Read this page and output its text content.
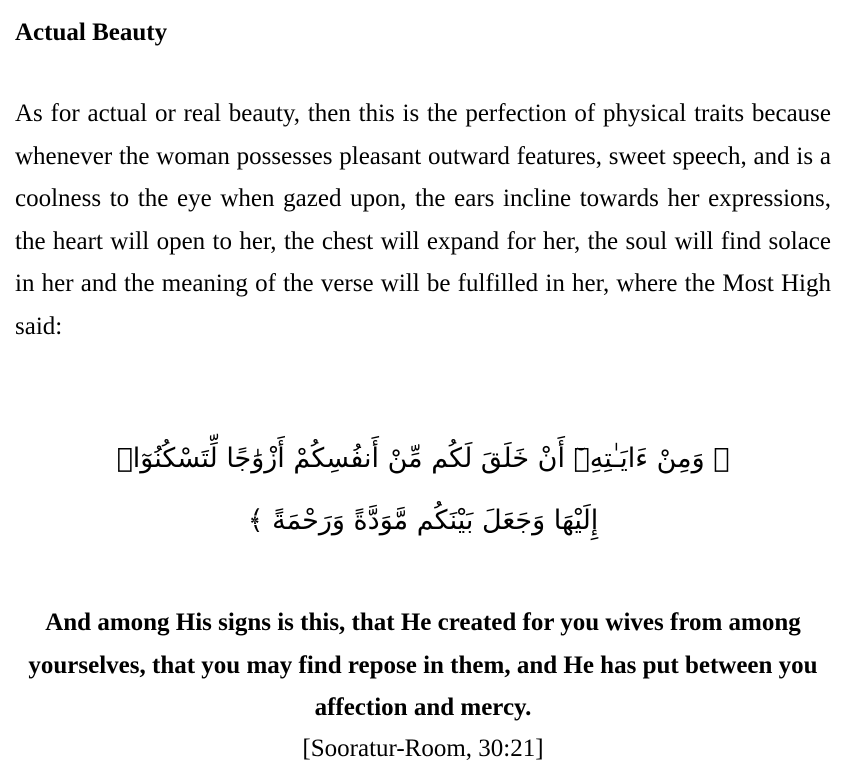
Actual Beauty

As for actual or real beauty, then this is the perfection of physical traits because whenever the woman possesses pleasant outward features, sweet speech, and is a coolness to the eye when gazed upon, the ears incline towards her expressions, the heart will open to her, the chest will expand for her, the soul will find solace in her and the meaning of the verse will be fulfilled in her, where the Most High said:

﴿ وَمِنْ ءَايَـٰتِهِۦٓ أَنْ خَلَقَ لَكُم مِّنْ أَنفُسِكُمْ أَزْوَٰجًا لِّتَسْكُنُوٓا۟
إِلَيْهَا وَجَعَلَ بَيْنَكُم مَّوَدَّةً وَرَحْمَةً ﴾

And among His signs is this, that He created for you wives from among yourselves, that you may find repose in them, and He has put between you affection and mercy.

[Sooratur-Room, 30:21]
